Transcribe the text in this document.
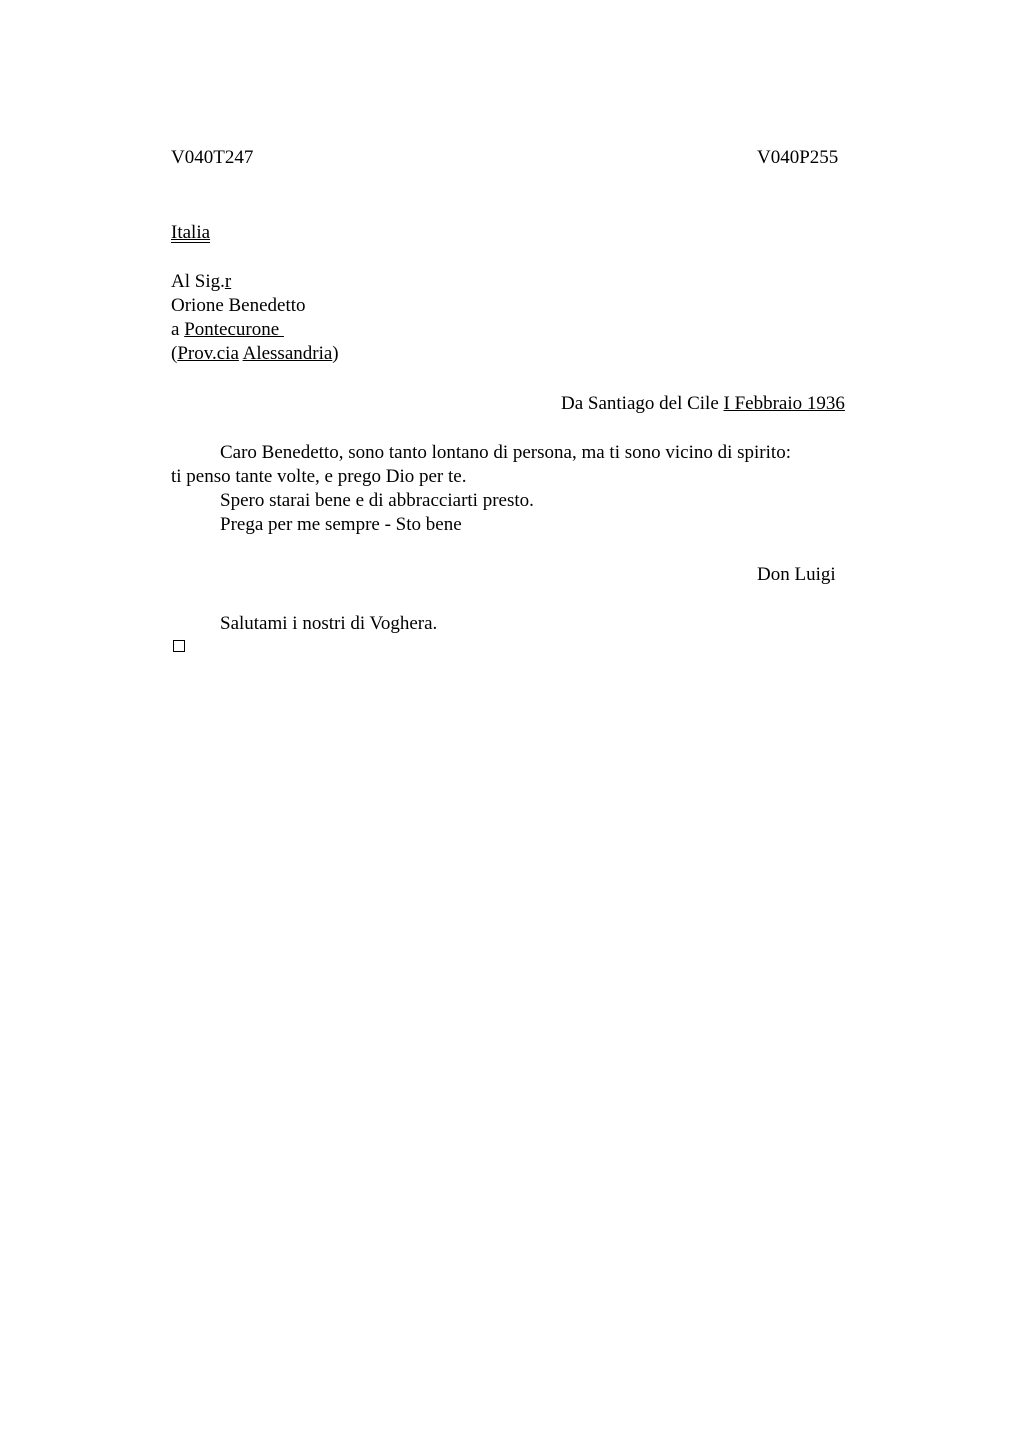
V040T247	V040P255
Italia
Al Sig.r
Orione Benedetto
a Pontecurone
(Prov.cia Alessandria)
Da Santiago del Cile I Febbraio 1936
Caro Benedetto, sono tanto lontano di persona, ma ti sono vicino di spirito:
ti penso tante volte, e prego Dio per te.
Spero starai bene e di abbracciarti presto.
Prega per me sempre - Sto bene
Don Luigi
Salutami i nostri di Voghera.
